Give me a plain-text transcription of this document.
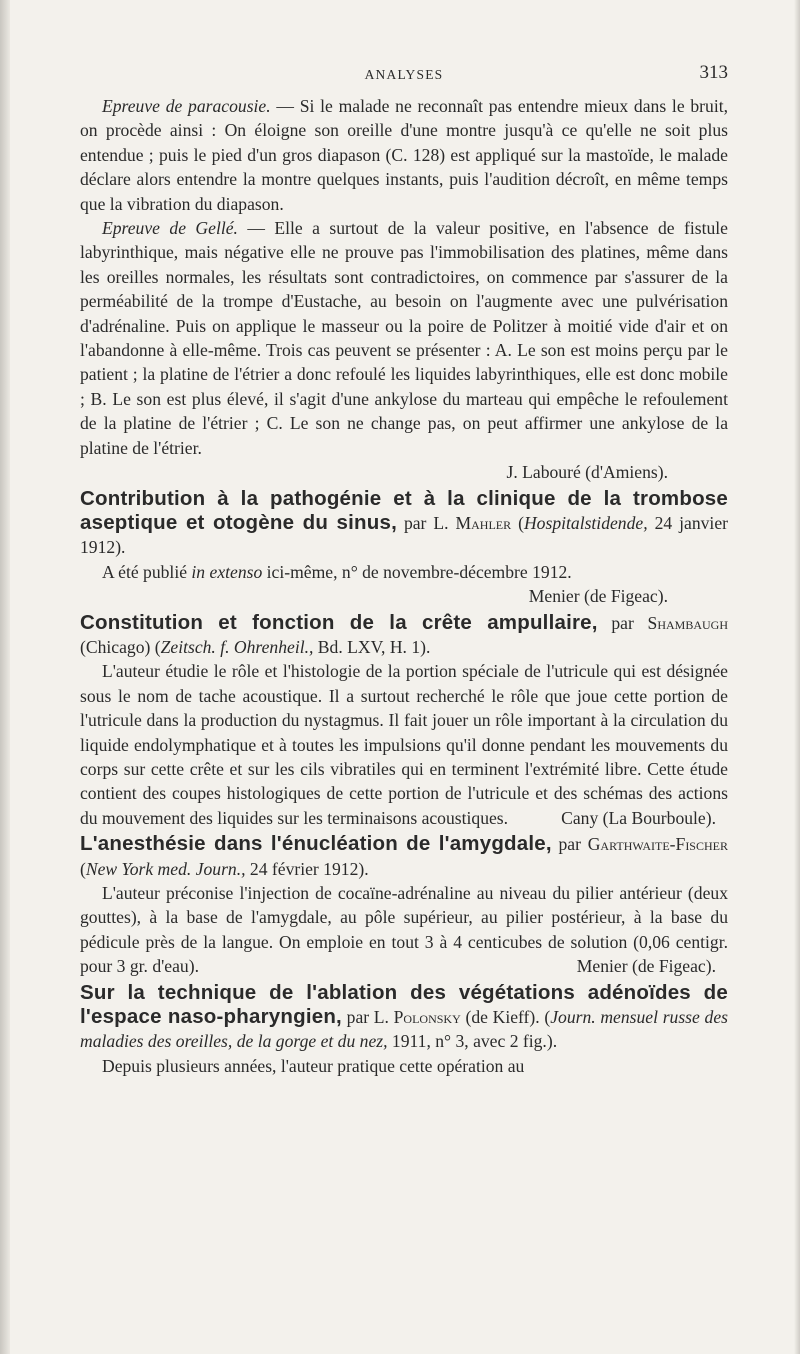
ANALYSES	313

Epreuve de paracousie. — Si le malade ne reconnaît pas entendre mieux dans le bruit, on procède ainsi : On éloigne son oreille d'une montre jusqu'à ce qu'elle ne soit plus entendue ; puis le pied d'un gros diapason (C. 128) est appliqué sur la mastoïde, le malade déclare alors entendre la montre quelques instants, puis l'audition décroît, en même temps que la vibration du diapason.

Epreuve de Gellé. — Elle a surtout de la valeur positive, en l'absence de fistule labyrinthique, mais négative elle ne prouve pas l'immobilisation des platines, même dans les oreilles normales, les résultats sont contradictoires, on commence par s'assurer de la perméabilité de la trompe d'Eustache, au besoin on l'augmente avec une pulvérisation d'adrénaline. Puis on applique le masseur ou la poire de Politzer à moitié vide d'air et on l'abandonne à elle-même. Trois cas peuvent se présenter : A. Le son est moins perçu par le patient ; la platine de l'étrier a donc refoulé les liquides labyrinthiques, elle est donc mobile ; B. Le son est plus élevé, il s'agit d'une ankylose du marteau qui empêche le refoulement de la platine de l'étrier ; C. Le son ne change pas, on peut affirmer une ankylose de la platine de l'étrier.

J. Labouré (d'Amiens).

Contribution à la pathogénie et à la clinique de la trombose aseptique et otogène du sinus, par L. Mahler (Hospitalstidende, 24 janvier 1912).

A été publié in extenso ici-même, n° de novembre-décembre 1912.

Menier (de Figeac).

Constitution et fonction de la crête ampullaire, par Shambaugh (Chicago) (Zeitsch. f. Ohrenheil., Bd. LXV, H. 1).

L'auteur étudie le rôle et l'histologie de la portion spéciale de l'utricule qui est désignée sous le nom de tache acoustique. Il a surtout recherché le rôle que joue cette portion de l'utricule dans la production du nystagmus. Il fait jouer un rôle important à la circulation du liquide endolymphatique et à toutes les impulsions qu'il donne pendant les mouvements du corps sur cette crête et sur les cils vibratiles qui en terminent l'extrémité libre. Cette étude contient des coupes histologiques de cette portion de l'utricule et des schémas des actions du mouvement des liquides sur les terminaisons acoustiques.	Cany (La Bourboule).

L'anesthésie dans l'énucléation de l'amygdale, par Garthwaite-Fischer (New York med. Journ., 24 février 1912).

L'auteur préconise l'injection de cocaïne-adrénaline au niveau du pilier antérieur (deux gouttes), à la base de l'amygdale, au pôle supérieur, au pilier postérieur, à la base du pédicule près de la langue. On emploie en tout 3 à 4 centicubes de solution (0,06 centigr. pour 3 gr. d'eau).	Menier (de Figeac).

Sur la technique de l'ablation des végétations adénoïdes de l'espace naso-pharyngien, par L. Polonsky (de Kieff). (Journ. mensuel russe des maladies des oreilles, de la gorge et du nez, 1911, n° 3, avec 2 fig.).

Depuis plusieurs années, l'auteur pratique cette opération au
